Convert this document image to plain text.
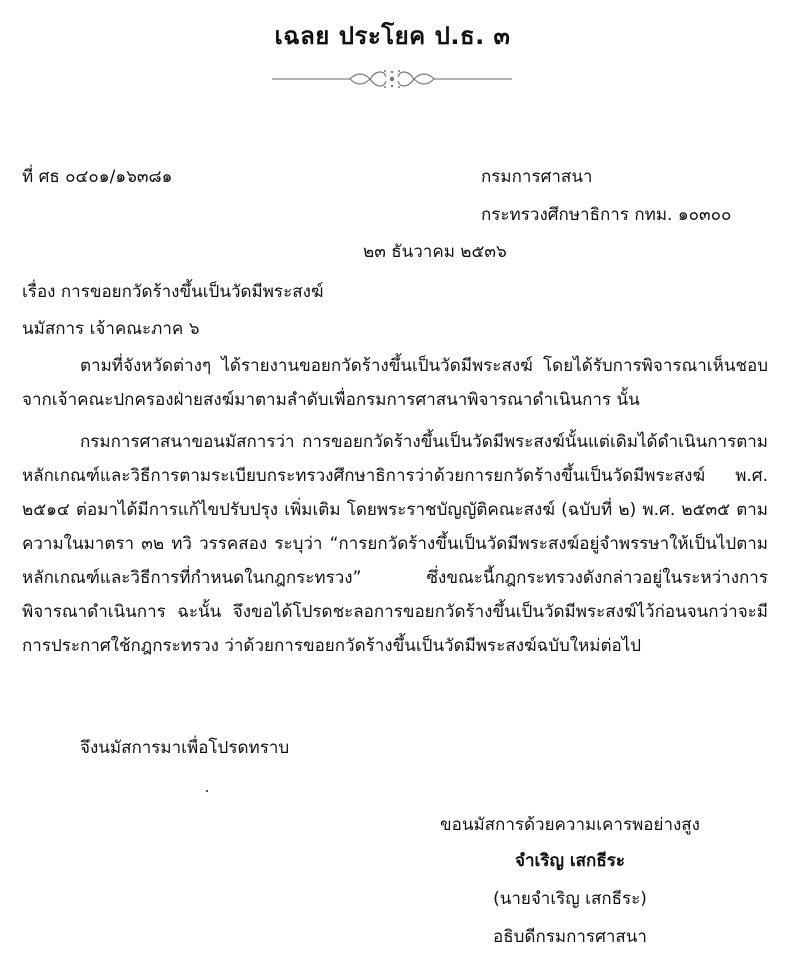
เฉลย ประโยค ป.ธ. ๓
ที่ ศธ ๐๔๐๑/๑๖๓๘๑	กรมการศาสนา
กระทรวงศึกษาธิการ กทม. ๑๐๓๐๐
๒๓ ธันวาคม ๒๕๓๖
เรื่อง การขอยกวัดร้างขึ้นเป็นวัดมีพระสงฆ์
นมัสการ เจ้าคณะภาค ๖
ตามที่จังหวัดต่างๆ ได้รายงานขอยกวัดร้างขึ้นเป็นวัดมีพระสงฆ์ โดยได้รับการพิจารณาเห็นชอบจากเจ้าคณะปกครองฝ่ายสงฆ์มาตามลำดับเพื่อกรมการศาสนาพิจารณาดำเนินการ นั้น
กรมการศาสนาขอนมัสการว่า การขอยกวัดร้างขึ้นเป็นวัดมีพระสงฆ์นั้นแต่เดิมได้ดำเนินการตามหลักเกณฑ์และวิธีการตามระเบียบกระทรวงศึกษาธิการว่าด้วยการยกวัดร้างขึ้นเป็นวัดมีพระสงฆ์ พ.ศ. ๒๕๑๔ ต่อมาได้มีการแก้ไขปรับปรุง เพิ่มเติม โดยพระราชบัญญัติคณะสงฆ์ (ฉบับที่ ๒) พ.ศ. ๒๕๓๕ ตามความในมาตรา ๓๒ ทวิ วรรคสอง ระบุว่า “การยกวัดร้างขึ้นเป็นวัดมีพระสงฆ์อยู่จำพรรษาให้เป็นไปตามหลักเกณฑ์และวิธีการที่กำหนดในกฎกระทรวง” ซึ่งขณะนี้กฎกระทรวงดังกล่าวอยู่ในระหว่างการพิจารณาดำเนินการ ฉะนั้น จึงขอได้โปรดชะลอการขอยกวัดร้างขึ้นเป็นวัดมีพระสงฆ์ไว้ก่อนจนกว่าจะมีการประกาศใช้กฎกระทรวง ว่าด้วยการขอยกวัดร้างขึ้นเป็นวัดมีพระสงฆ์ฉบับใหม่ต่อไป
จึงนมัสการมาเพื่อโปรดทราบ
ขอนมัสการด้วยความเคารพอย่างสูง
จำเริญ เสกธีระ
(นายจำเริญ เสกธีระ)
อธิบดีกรมการศาสนา
